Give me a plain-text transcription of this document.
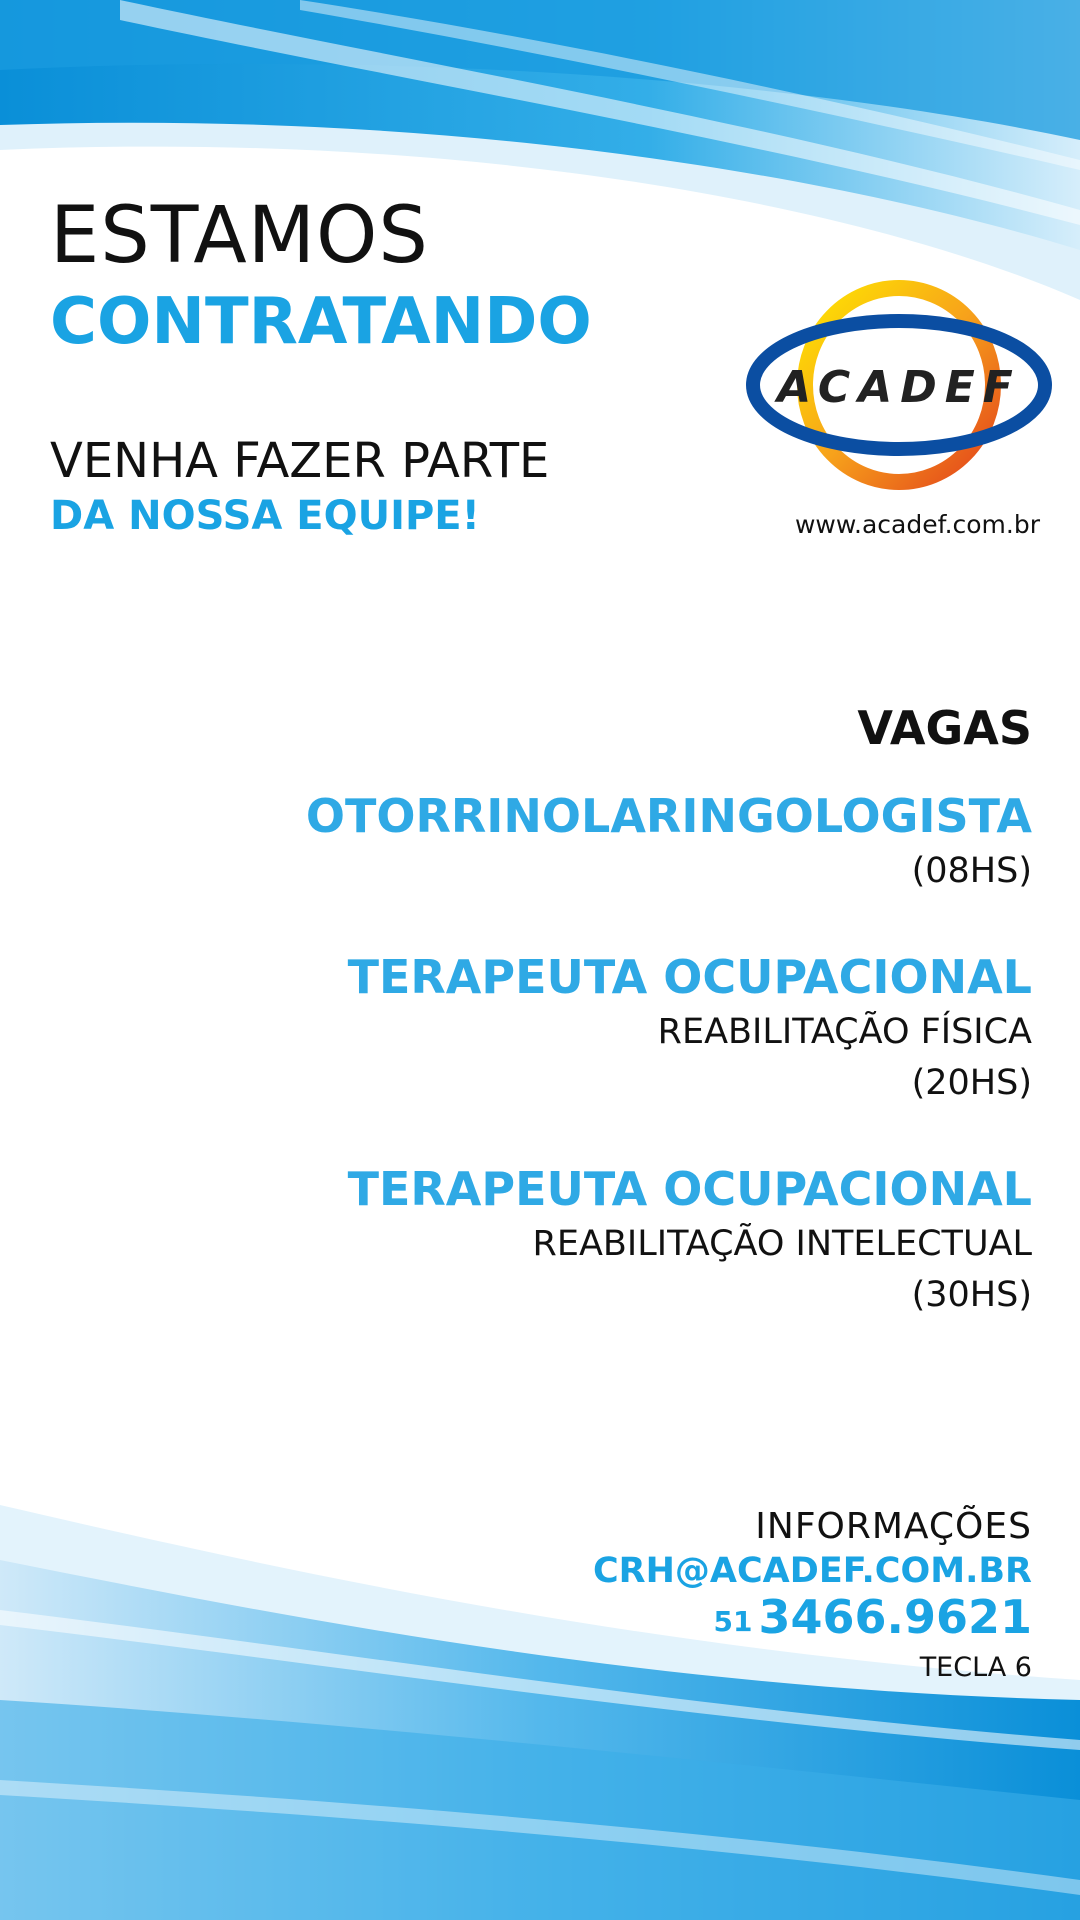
ESTAMOS
CONTRATANDO
VENHA FAZER PARTE
DA NOSSA EQUIPE!
ACADEF
www.acadef.com.br
VAGAS
OTORRINOLARINGOLOGISTA
(08HS)
TERAPEUTA OCUPACIONAL
REABILITAÇÃO FÍSICA
(20HS)
TERAPEUTA OCUPACIONAL
REABILITAÇÃO INTELECTUAL
(30HS)
INFORMAÇÕES
CRH@ACADEF.COM.BR
51 3466.9621
TECLA 6
